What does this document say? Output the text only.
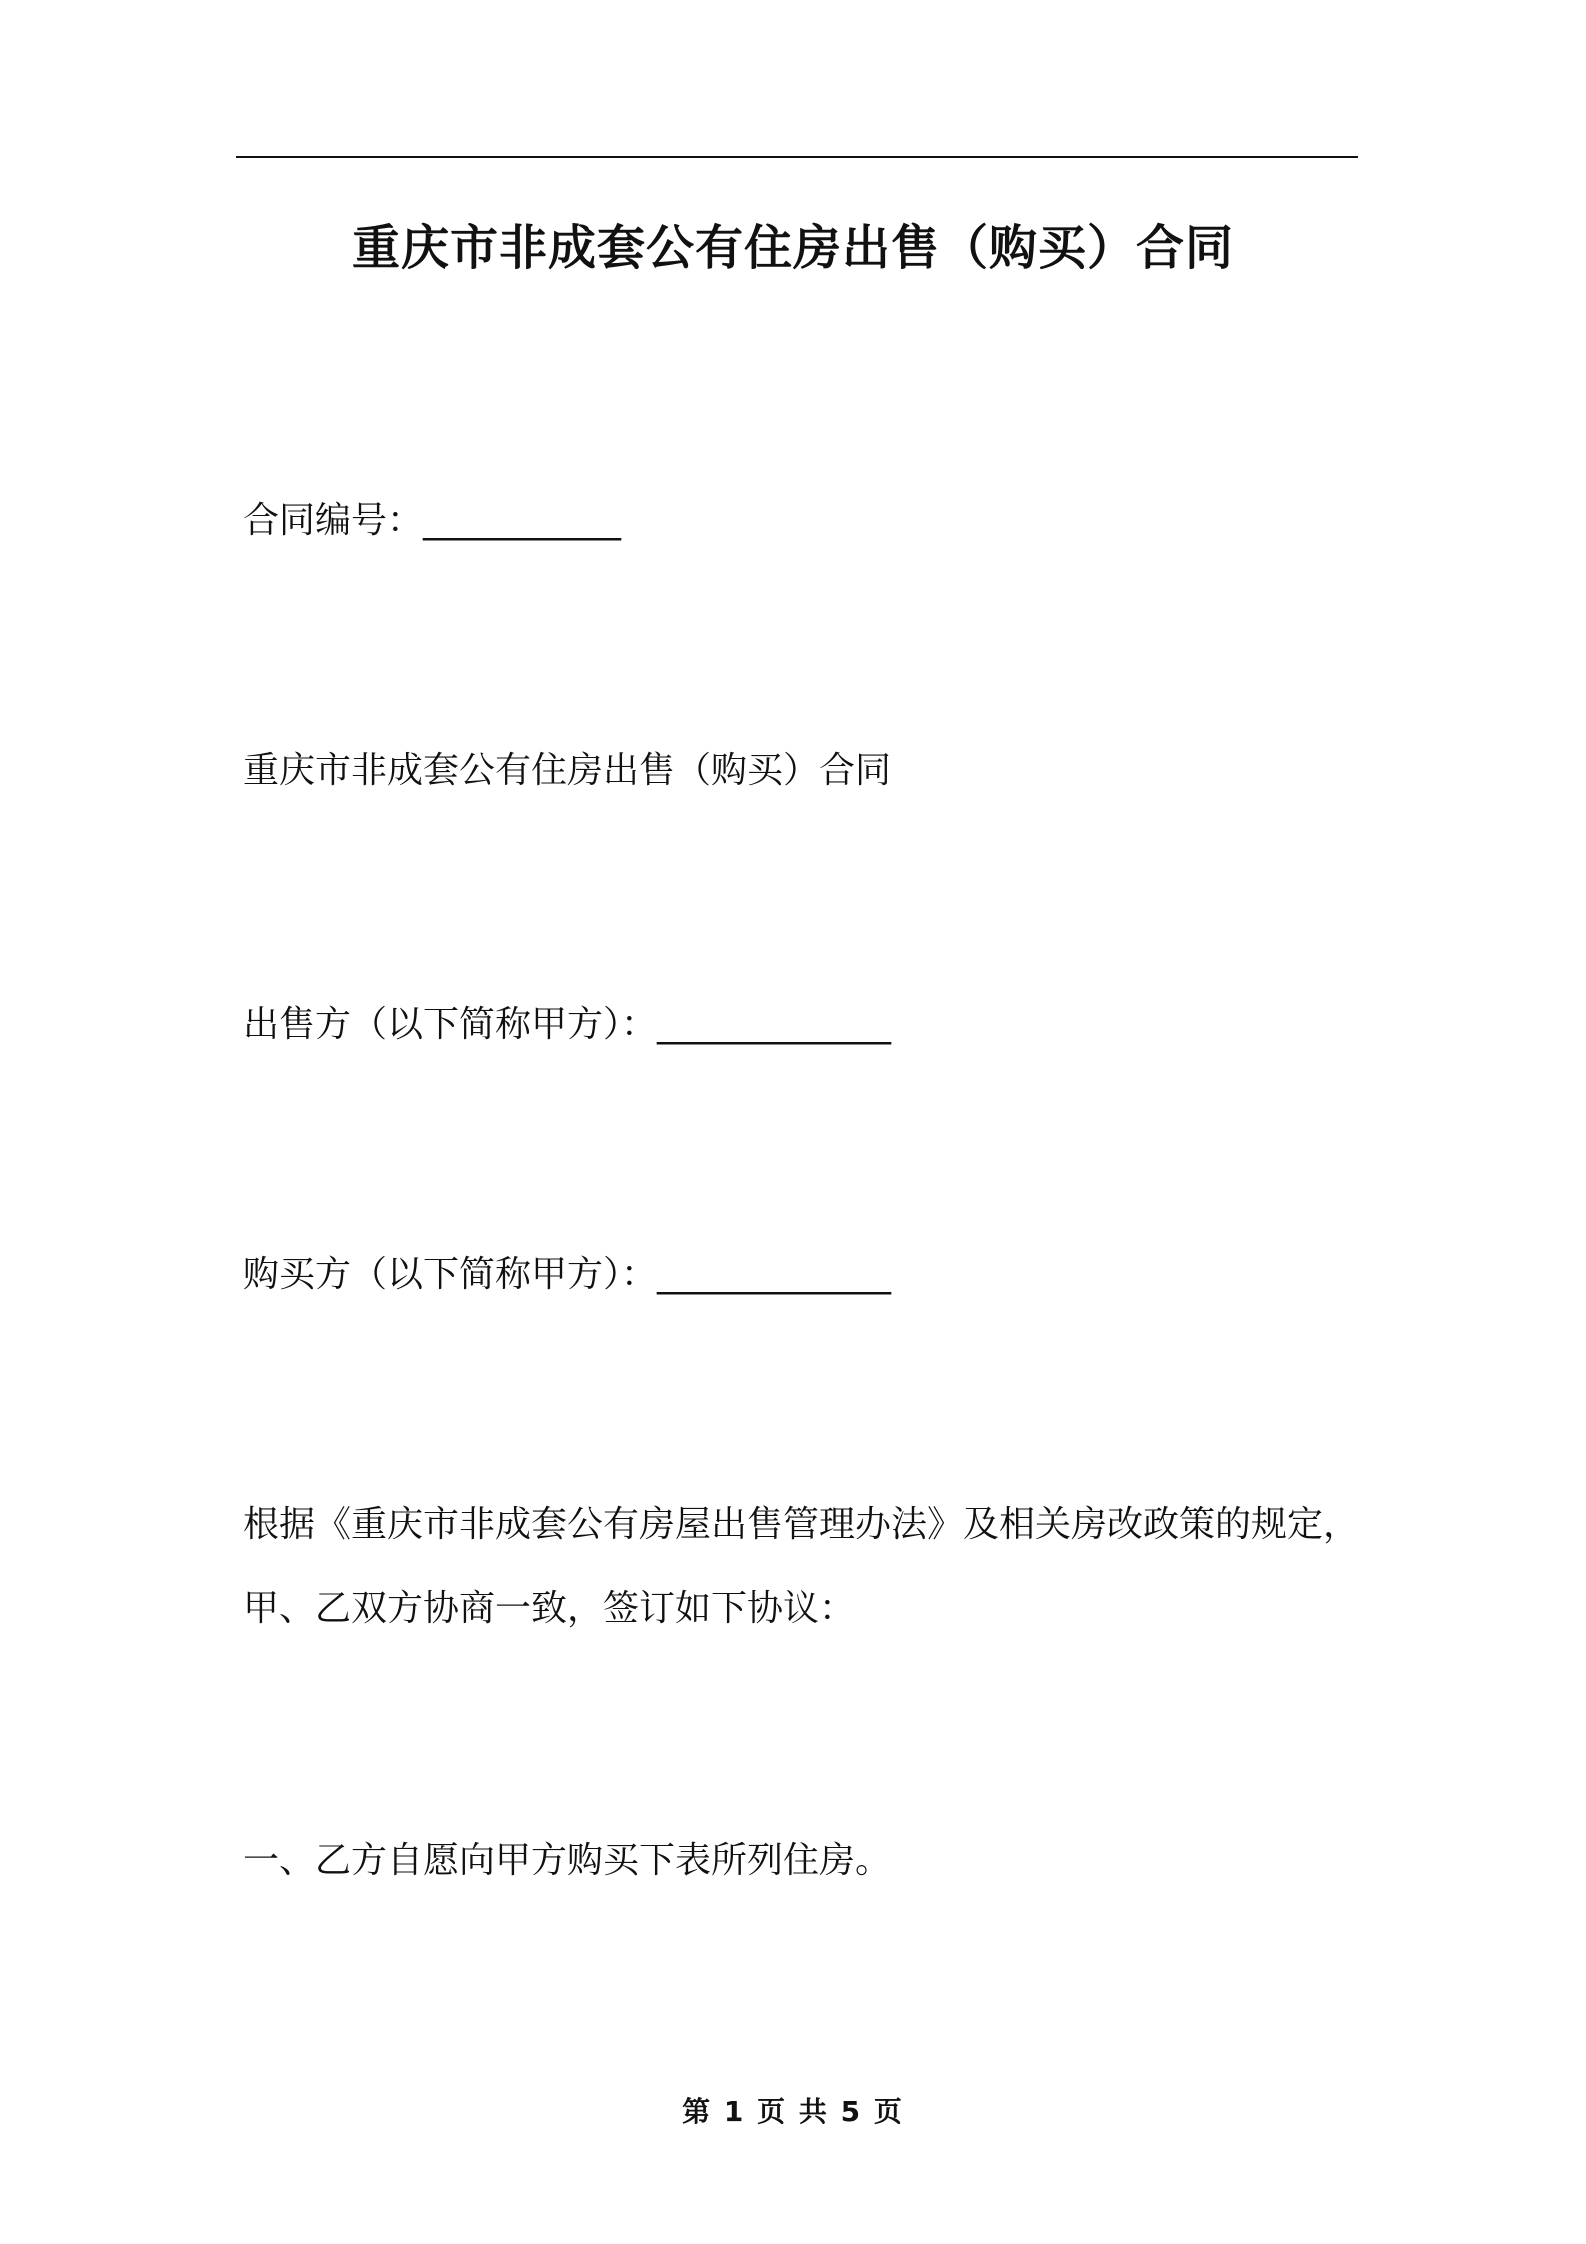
重庆市非成套公有住房出售（购买）合同
合同编号：___________
重庆市非成套公有住房出售（购买）合同
出售方（以下简称甲方）：_____________
购买方（以下简称甲方）：_____________
根据《重庆市非成套公有房屋出售管理办法》及相关房改政策的规定，
甲、乙双方协商一致，签订如下协议：
一、乙方自愿向甲方购买下表所列住房。
第 1 页 共 5 页
